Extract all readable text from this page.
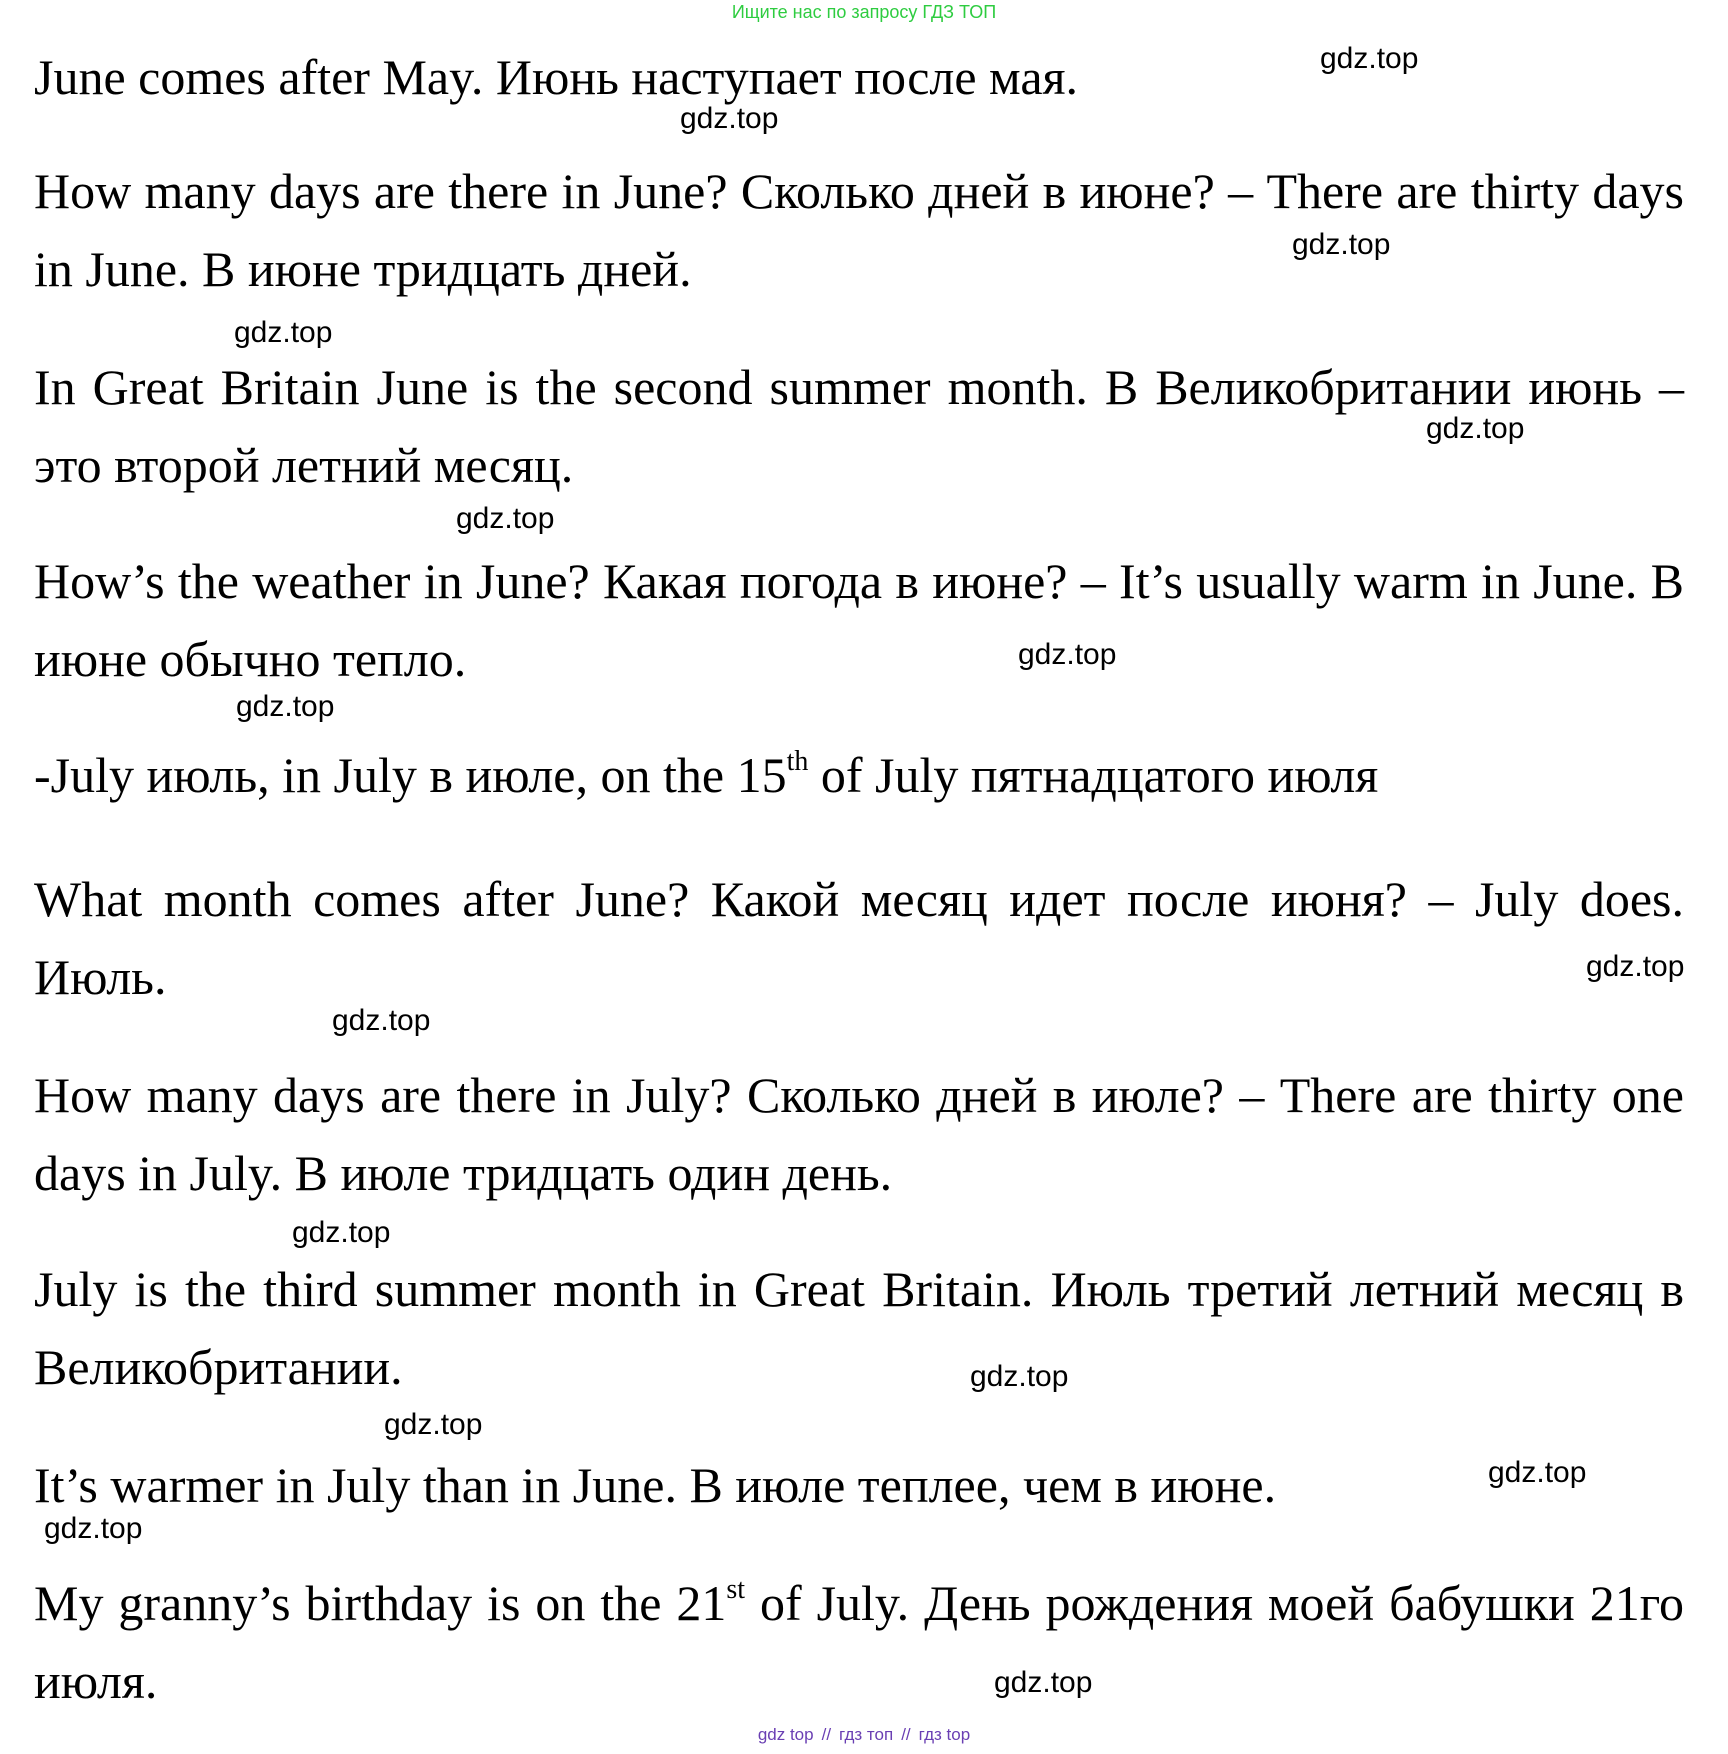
Ищите нас по запросу ГДЗ ТОП

June comes after May. Июнь наступает после мая.

How many days are there in June? Сколько дней в июне? – There are thirty days in June. В июне тридцать дней.

In Great Britain June is the second summer month. В Великобритании июнь – это второй летний месяц.

How’s the weather in June? Какая погода в июне? – It’s usually warm in June. В июне обычно тепло.

-July июль, in July в июле, on the 15th of July пятнадцатого июля

What month comes after June? Какой месяц идет после июня? – July does. Июль.

How many days are there in July? Сколько дней в июле? – There are thirty one days in July. В июле тридцать один день.

July is the third summer month in Great Britain. Июль третий летний месяц в Великобритании.

It’s warmer in July than in June. В июле теплее, чем в июне.

My granny’s birthday is on the 21st of July. День рождения моей бабушки 21го июля.

gdz.top
gdz.top
gdz.top
gdz.top
gdz.top
gdz.top
gdz.top
gdz.top
gdz.top
gdz.top
gdz.top
gdz.top
gdz.top
gdz.top
gdz.top
gdz.top
gdz top // гдз топ // гдз top
